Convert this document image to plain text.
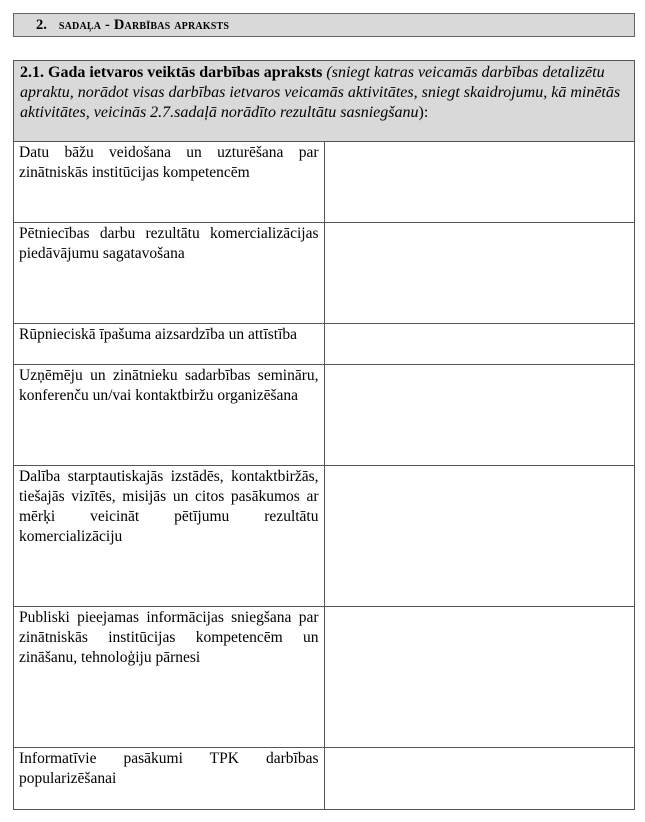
2. sadaļa - Darbības apraksts
2.1. Gada ietvaros veiktās darbības apraksts (sniegt katras veicamās darbības detalizētu apraktu, norādot visas darbības ietvaros veicamās aktivitātes, sniegt skaidrojumu, kā minētās aktivitātes, veicinās 2.7.sadaļā norādīto rezultātu sasniegšanu):	
Datu bāžu veidošana un uzturēšana par zinātniskās institūcijas kompetencēm	
Pētniecības darbu rezultātu komercializācijas piedāvājumu sagatavošana	
Rūpnieciskā īpašuma aizsardzība un attīstība	
Uzņēmēju un zinātnieku sadarbības semināru, konferenču un/vai kontaktbiržu organizēšana	
Dalība starptautiskajās izstādēs, kontaktbiržās, tiešajās vizītēs, misijās un citos pasākumos ar mērķi veicināt pētījumu rezultātu komercializāciju	
Publiski pieejamas informācijas sniegšana par zinātniskās institūcijas kompetencēm un zināšanu, tehnoloģiju pārnesi	
Informatīvie pasākumi TPK darbības popularizēšanai	
